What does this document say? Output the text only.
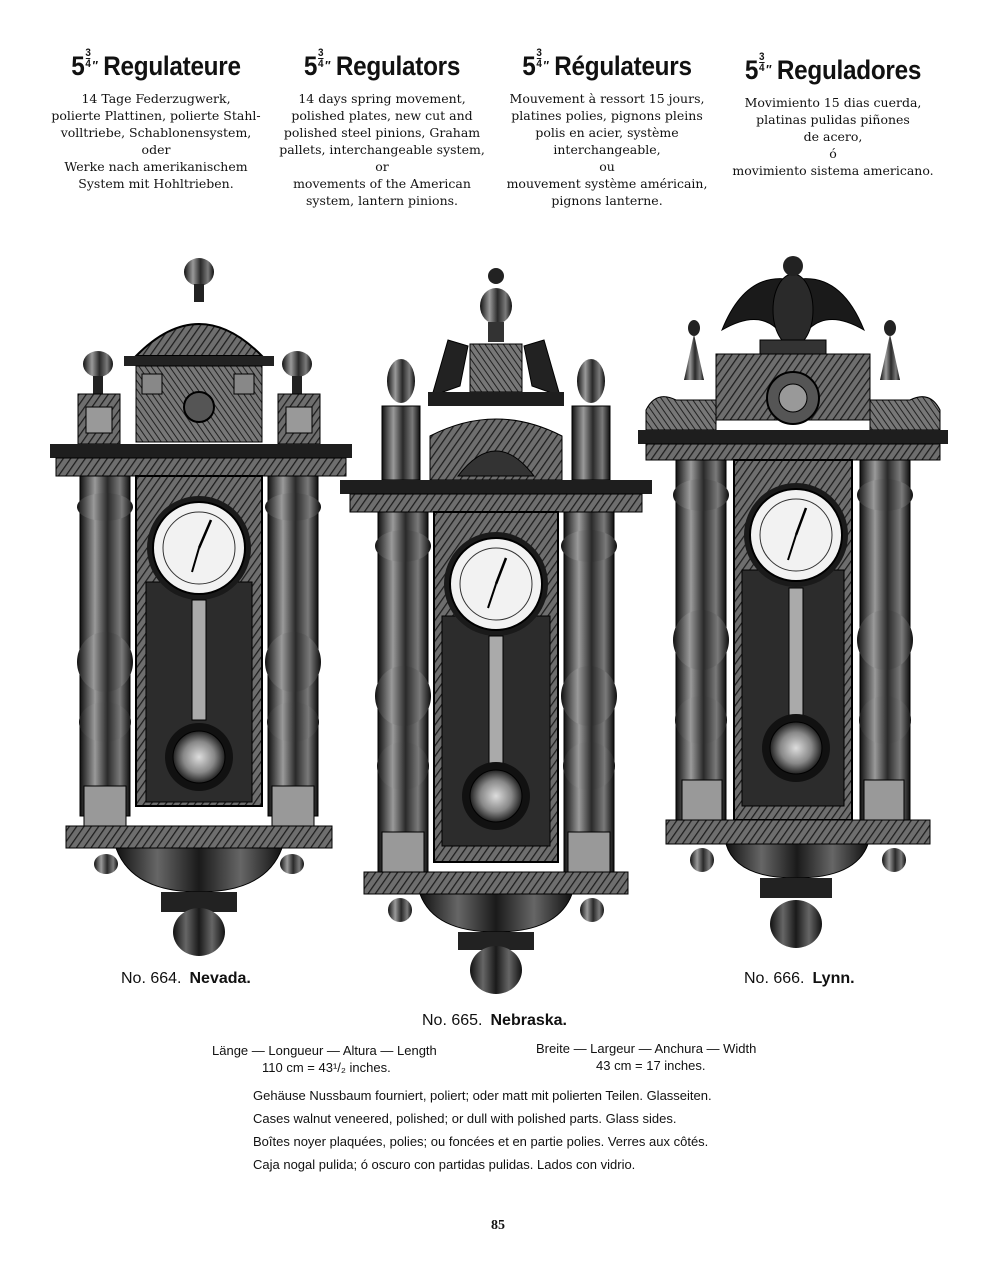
$5 \frac{3}{4} ''$ Regulateure
14 Tage Federzugwerk,
polierte Plattinen, polierte Stahl-
volltriebe, Schablonensystem,
oder
Werke nach amerikanischem
System mit Hohltrieben.
$5 \frac{3}{4} ''$ Regulators
14 days spring movement,
polished plates, new cut and
polished steel pinions, Graham
pallets, interchangeable system,
or
movements of the American
system, lantern pinions.
$5 \frac{3}{4} ''$ Régulateurs
Mouvement à ressort 15 jours,
platines polies, pignons pleins
polis en acier, système
interchangeable,
ou
mouvement système américain,
pignons lanterne.
$5 \frac{3}{4} ''$ Reguladores
Movimiento 15 dias cuerda,
platinas pulidas piñones
de acero,
ó
movimiento sistema americano.
No. 664. Nevada.
No. 665. Nebraska.
No. 666. Lynn.
Länge — Longueur — Altura — Length
110 cm = 43¹/₂ inches.
Breite — Largeur — Anchura — Width
43 cm = 17 inches.
Gehäuse Nussbaum fourniert, poliert; oder matt mit polierten Teilen. Glasseiten.
Cases walnut veneered, polished; or dull with polished parts. Glass sides.
Boîtes noyer plaquées, polies; ou foncées et en partie polies. Verres aux côtés.
Caja nogal pulida; ó oscuro con partidas pulidas. Lados con vidrio.
85
